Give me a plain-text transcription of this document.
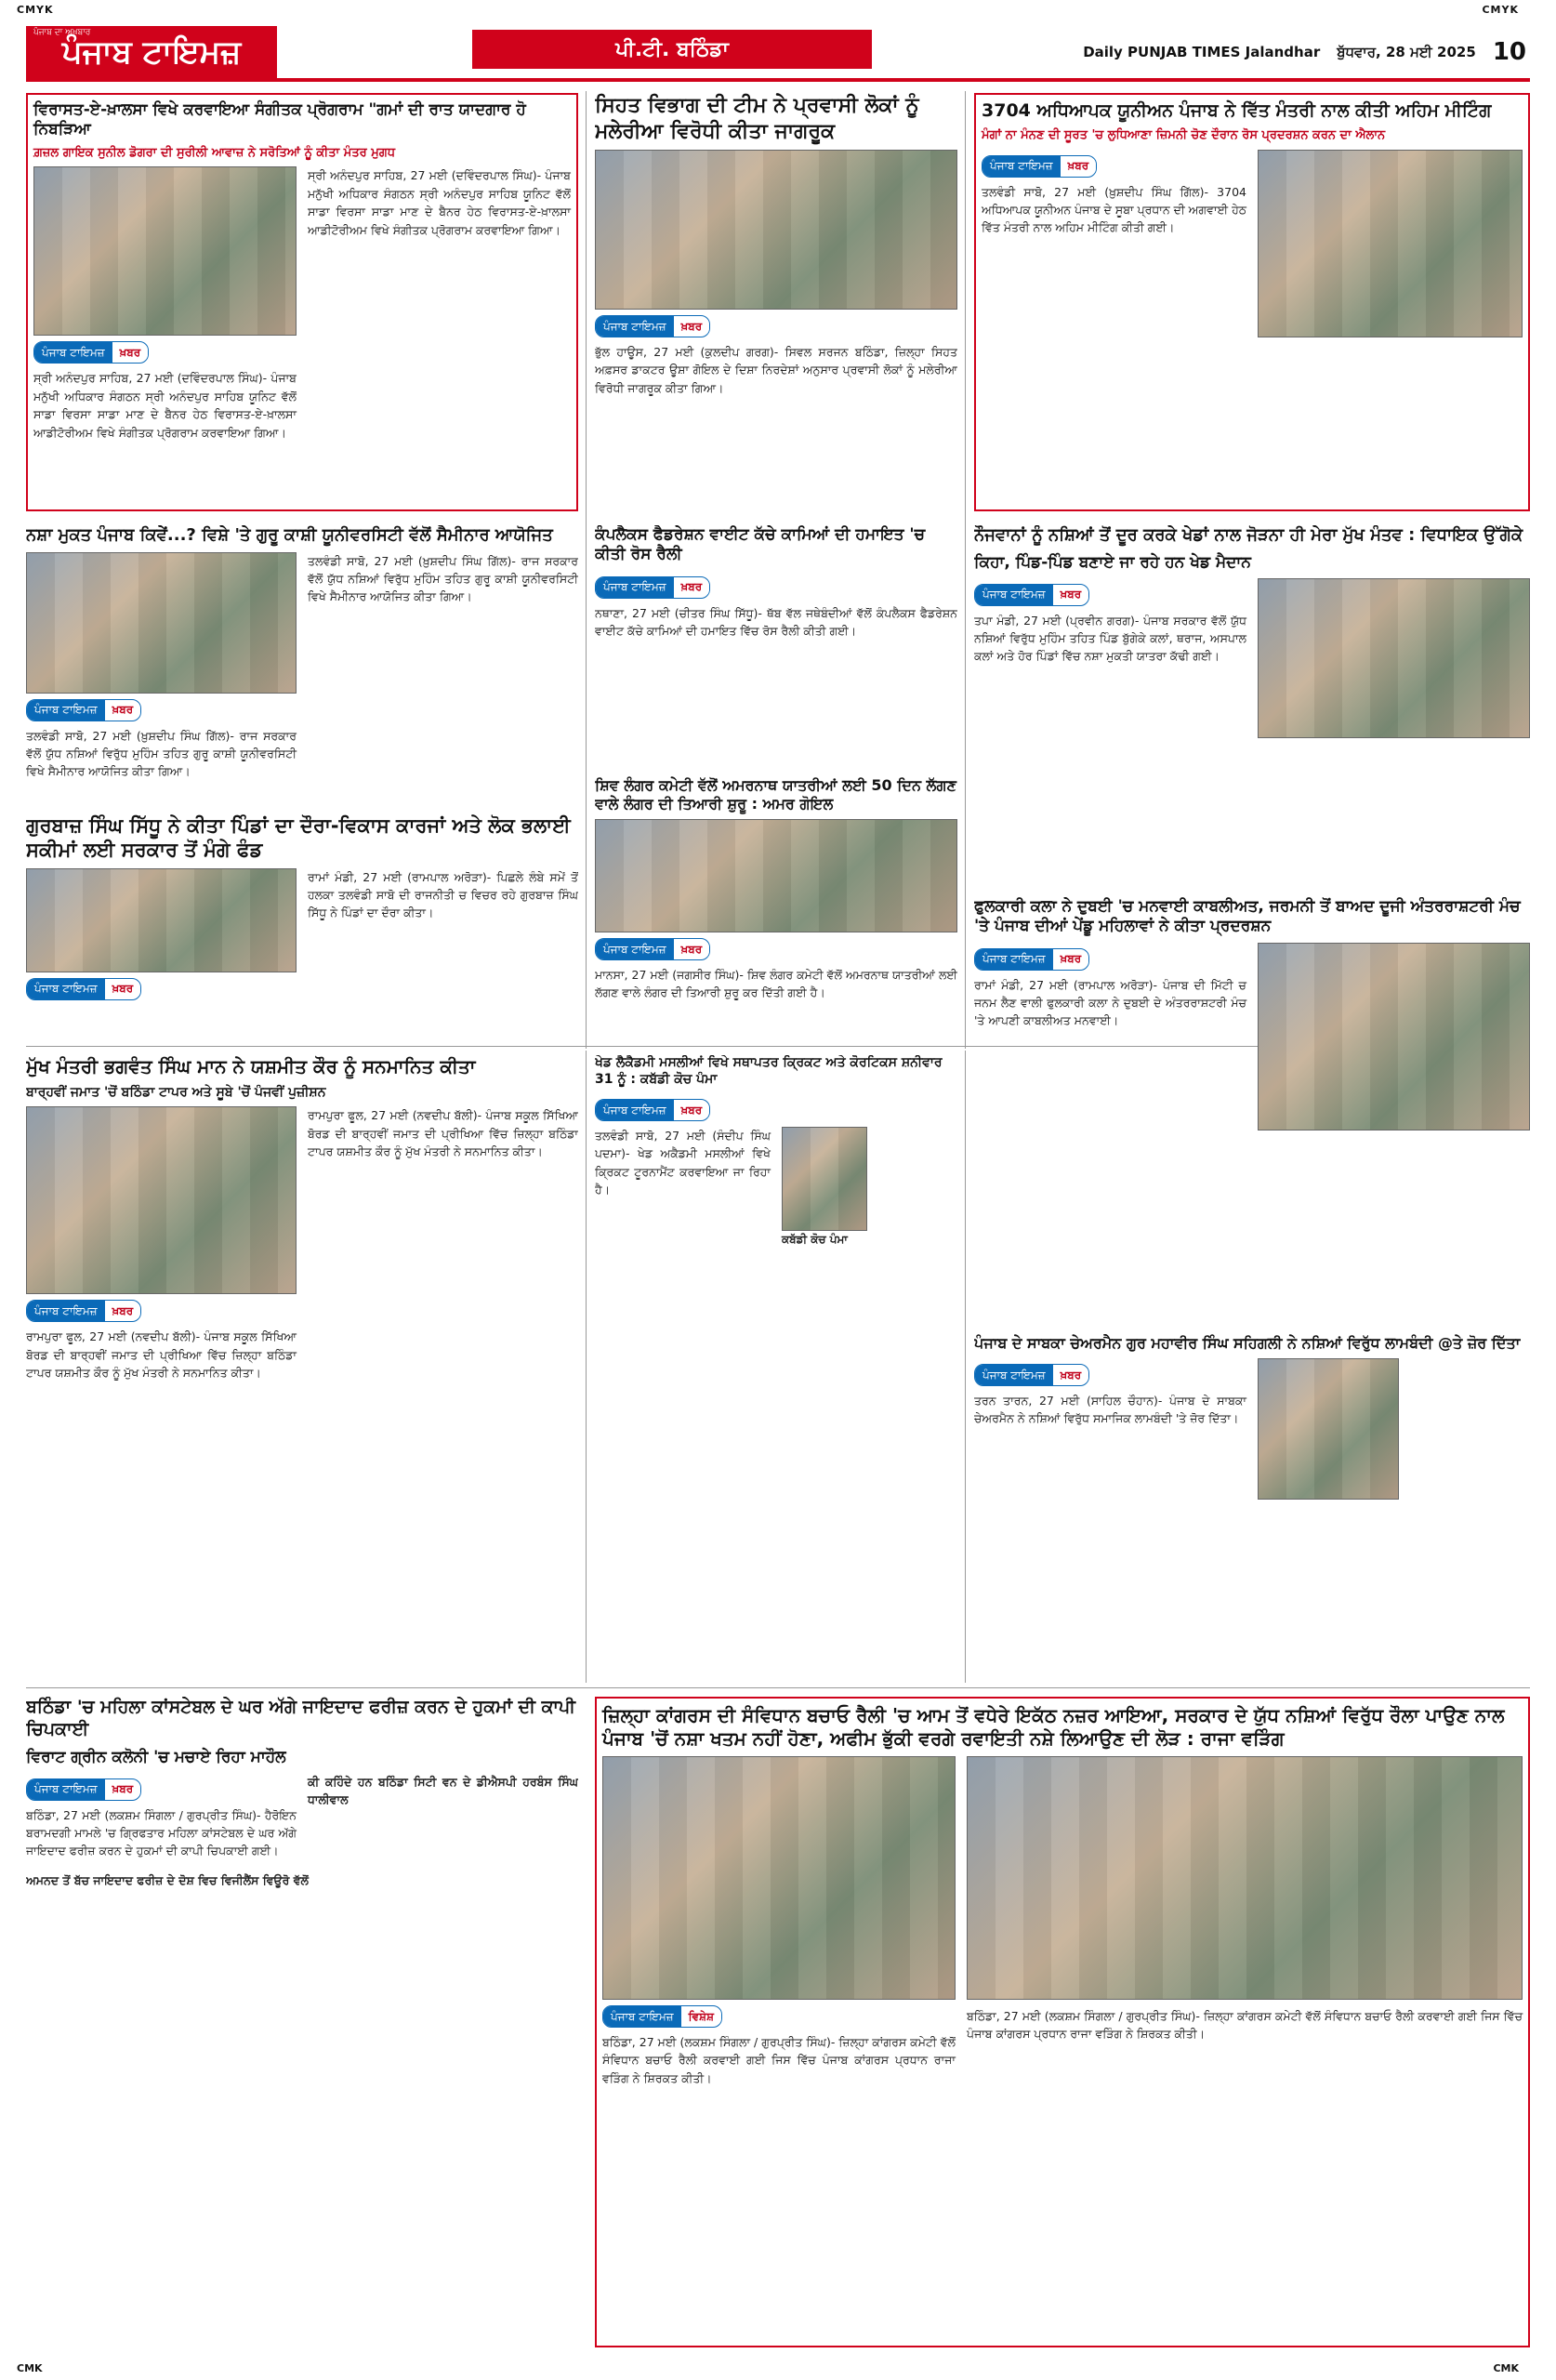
CMYK	CMYK
ਪੰਜਾਬ ਦਾ ਅਖ਼ਬਾਰ
ਪੰਜਾਬ ਟਾਇਮਜ਼	ਪੀ.ਟੀ. ਬਠਿੰਡਾ	Daily PUNJAB TIMES Jalandhar ਬੁੱਧਵਾਰ, 28 ਮਈ 2025 10
ਵਿਰਾਸਤ-ਏ-ਖ਼ਾਲਸਾ ਵਿਖੇ ਕਰਵਾਇਆ ਸੰਗੀਤਕ ਪ੍ਰੋਗਰਾਮ "ਗਮਾਂ ਦੀ ਰਾਤ ਯਾਦਗਾਰ ਹੋ ਨਿਬੜਿਆ
ਗ਼ਜ਼ਲ ਗਾਇਕ ਸੁਨੀਲ ਡੋਗਰਾ ਦੀ ਸੁਰੀਲੀ ਆਵਾਜ਼ ਨੇ ਸਰੋਤਿਆਂ ਨੂੰ ਕੀਤਾ ਮੰਤਰ ਮੁਗਧ
ਪੰਜਾਬ ਟਾਇਮਜ਼	ਖ਼ਬਰ

ਸ੍ਰੀ ਅਨੰਦਪੁਰ ਸਾਹਿਬ, 27 ਮਈ (ਦਵਿੰਦਰਪਾਲ ਸਿੰਘ)- ਪੰਜਾਬ ਮਨੁੱਖੀ ਅਧਿਕਾਰ ਸੰਗਠਨ ਸ੍ਰੀ ਅਨੰਦਪੁਰ ਸਾਹਿਬ ਯੂਨਿਟ ਵੱਲੋਂ ਸਾਡਾ ਵਿਰਸਾ ਸਾਡਾ ਮਾਣ ਦੇ ਬੈਨਰ ਹੇਠ ਵਿਰਾਸਤ-ਏ-ਖ਼ਾਲਸਾ ਆਡੀਟੋਰੀਅਮ ਵਿਖੇ ਸੰਗੀਤਕ ਪ੍ਰੋਗਰਾਮ ਕਰਵਾਇਆ ਗਿਆ।

ਸ੍ਰੀ ਅਨੰਦਪੁਰ ਸਾਹਿਬ, 27 ਮਈ (ਦਵਿੰਦਰਪਾਲ ਸਿੰਘ)- ਪੰਜਾਬ ਮਨੁੱਖੀ ਅਧਿਕਾਰ ਸੰਗਠਨ ਸ੍ਰੀ ਅਨੰਦਪੁਰ ਸਾਹਿਬ ਯੂਨਿਟ ਵੱਲੋਂ ਸਾਡਾ ਵਿਰਸਾ ਸਾਡਾ ਮਾਣ ਦੇ ਬੈਨਰ ਹੇਠ ਵਿਰਾਸਤ-ਏ-ਖ਼ਾਲਸਾ ਆਡੀਟੋਰੀਅਮ ਵਿਖੇ ਸੰਗੀਤਕ ਪ੍ਰੋਗਰਾਮ ਕਰਵਾਇਆ ਗਿਆ।

ਸਿਹਤ ਵਿਭਾਗ ਦੀ ਟੀਮ ਨੇ ਪ੍ਰਵਾਸੀ ਲੋਕਾਂ ਨੂੰ ਮਲੇਰੀਆ ਵਿਰੋਧੀ ਕੀਤਾ ਜਾਗਰੂਕ
ਪੰਜਾਬ ਟਾਇਮਜ਼	ਖ਼ਬਰ

ਭੁੱਲ ਹਾਊਸ, 27 ਮਈ (ਕੁਲਦੀਪ ਗਰਗ)- ਸਿਵਲ ਸਰਜਨ ਬਠਿੰਡਾ, ਜ਼ਿਲ੍ਹਾ ਸਿਹਤ ਅਫ਼ਸਰ ਡਾਕਟਰ ਊਸ਼ਾ ਗੋਇਲ ਦੇ ਦਿਸ਼ਾ ਨਿਰਦੇਸ਼ਾਂ ਅਨੁਸਾਰ ਪ੍ਰਵਾਸੀ ਲੋਕਾਂ ਨੂੰ ਮਲੇਰੀਆ ਵਿਰੋਧੀ ਜਾਗਰੂਕ ਕੀਤਾ ਗਿਆ।

3704 ਅਧਿਆਪਕ ਯੂਨੀਅਨ ਪੰਜਾਬ ਨੇ ਵਿੱਤ ਮੰਤਰੀ ਨਾਲ ਕੀਤੀ ਅਹਿਮ ਮੀਟਿੰਗ
ਮੰਗਾਂ ਨਾ ਮੰਨਣ ਦੀ ਸੂਰਤ 'ਚ ਲੁਧਿਆਣਾ ਜ਼ਿਮਨੀ ਚੋਣ ਦੌਰਾਨ ਰੋਸ ਪ੍ਰਦਰਸ਼ਨ ਕਰਨ ਦਾ ਐਲਾਨ
ਪੰਜਾਬ ਟਾਇਮਜ਼	ਖ਼ਬਰ

ਤਲਵੰਡੀ ਸਾਬੋ, 27 ਮਈ (ਖ਼ੁਸ਼ਦੀਪ ਸਿੰਘ ਗਿੱਲ)- 3704 ਅਧਿਆਪਕ ਯੂਨੀਅਨ ਪੰਜਾਬ ਦੇ ਸੂਬਾ ਪ੍ਰਧਾਨ ਦੀ ਅਗਵਾਈ ਹੇਠ ਵਿੱਤ ਮੰਤਰੀ ਨਾਲ ਅਹਿਮ ਮੀਟਿੰਗ ਕੀਤੀ ਗਈ।

ਨਸ਼ਾ ਮੁਕਤ ਪੰਜਾਬ ਕਿਵੇਂ...? ਵਿਸ਼ੇ 'ਤੇ ਗੁਰੂ ਕਾਸ਼ੀ ਯੂਨੀਵਰਸਿਟੀ ਵੱਲੋਂ ਸੈਮੀਨਾਰ ਆਯੋਜਿਤ
ਪੰਜਾਬ ਟਾਇਮਜ਼	ਖ਼ਬਰ

ਤਲਵੰਡੀ ਸਾਬੋ, 27 ਮਈ (ਖ਼ੁਸ਼ਦੀਪ ਸਿੰਘ ਗਿੱਲ)- ਰਾਜ ਸਰਕਾਰ ਵੱਲੋਂ ਯੁੱਧ ਨਸ਼ਿਆਂ ਵਿਰੁੱਧ ਮੁਹਿੰਮ ਤਹਿਤ ਗੁਰੂ ਕਾਸ਼ੀ ਯੂਨੀਵਰਸਿਟੀ ਵਿਖੇ ਸੈਮੀਨਾਰ ਆਯੋਜਿਤ ਕੀਤਾ ਗਿਆ।

ਤਲਵੰਡੀ ਸਾਬੋ, 27 ਮਈ (ਖ਼ੁਸ਼ਦੀਪ ਸਿੰਘ ਗਿੱਲ)- ਰਾਜ ਸਰਕਾਰ ਵੱਲੋਂ ਯੁੱਧ ਨਸ਼ਿਆਂ ਵਿਰੁੱਧ ਮੁਹਿੰਮ ਤਹਿਤ ਗੁਰੂ ਕਾਸ਼ੀ ਯੂਨੀਵਰਸਿਟੀ ਵਿਖੇ ਸੈਮੀਨਾਰ ਆਯੋਜਿਤ ਕੀਤਾ ਗਿਆ।

ਕੰਪਲੈਕਸ ਫੈਡਰੇਸ਼ਨ ਵਾਈਟ ਕੱਚੇ ਕਾਮਿਆਂ ਦੀ ਹਮਾਇਤ 'ਚ ਕੀਤੀ ਰੋਸ ਰੈਲੀ
ਪੰਜਾਬ ਟਾਇਮਜ਼	ਖ਼ਬਰ

ਨਥਾਣਾ, 27 ਮਈ (ਚੀਤਰ ਸਿੰਘ ਸਿੱਧੂ)- ਥੱਬ ਵੱਲ ਜਥੇਬੰਦੀਆਂ ਵੱਲੋਂ ਕੰਪਲੈਕਸ ਫੈਡਰੇਸ਼ਨ ਵਾਈਟ ਕੱਚੇ ਕਾਮਿਆਂ ਦੀ ਹਮਾਇਤ ਵਿੱਚ ਰੋਸ ਰੈਲੀ ਕੀਤੀ ਗਈ।

ਨੌਜਵਾਨਾਂ ਨੂੰ ਨਸ਼ਿਆਂ ਤੋਂ ਦੂਰ ਕਰਕੇ ਖੇਡਾਂ ਨਾਲ ਜੋੜਨਾ ਹੀ ਮੇਰਾ ਮੁੱਖ ਮੰਤਵ : ਵਿਧਾਇਕ ਉੱਗੋਕੇ
ਕਿਹਾ, ਪਿੰਡ-ਪਿੰਡ ਬਣਾਏ ਜਾ ਰਹੇ ਹਨ ਖੇਡ ਮੈਦਾਨ
ਪੰਜਾਬ ਟਾਇਮਜ਼	ਖ਼ਬਰ

ਤਪਾ ਮੰਡੀ, 27 ਮਈ (ਪ੍ਰਵੀਨ ਗਰਗ)- ਪੰਜਾਬ ਸਰਕਾਰ ਵੱਲੋਂ ਯੁੱਧ ਨਸ਼ਿਆਂ ਵਿਰੁੱਧ ਮੁਹਿੰਮ ਤਹਿਤ ਪਿੰਡ ਬੁੱਗੇਕੇ ਕਲਾਂ, ਥਰਾਜ, ਅਸਪਾਲ ਕਲਾਂ ਅਤੇ ਹੋਰ ਪਿੰਡਾਂ ਵਿੱਚ ਨਸ਼ਾ ਮੁਕਤੀ ਯਾਤਰਾ ਕੱਢੀ ਗਈ।

ਸ਼ਿਵ ਲੰਗਰ ਕਮੇਟੀ ਵੱਲੋਂ ਅਮਰਨਾਥ ਯਾਤਰੀਆਂ ਲਈ 50 ਦਿਨ ਲੱਗਣ ਵਾਲੇ ਲੰਗਰ ਦੀ ਤਿਆਰੀ ਸ਼ੁਰੂ : ਅਮਰ ਗੋਇਲ
ਪੰਜਾਬ ਟਾਇਮਜ਼	ਖ਼ਬਰ

ਮਾਨਸਾ, 27 ਮਈ (ਜਗਸੀਰ ਸਿੰਘ)- ਸ਼ਿਵ ਲੰਗਰ ਕਮੇਟੀ ਵੱਲੋਂ ਅਮਰਨਾਥ ਯਾਤਰੀਆਂ ਲਈ ਲੱਗਣ ਵਾਲੇ ਲੰਗਰ ਦੀ ਤਿਆਰੀ ਸ਼ੁਰੂ ਕਰ ਦਿੱਤੀ ਗਈ ਹੈ।

ਗੁਰਬਾਜ਼ ਸਿੰਘ ਸਿੱਧੂ ਨੇ ਕੀਤਾ ਪਿੰਡਾਂ ਦਾ ਦੌਰਾ-ਵਿਕਾਸ ਕਾਰਜਾਂ ਅਤੇ ਲੋਕ ਭਲਾਈ ਸਕੀਮਾਂ ਲਈ ਸਰਕਾਰ ਤੋਂ ਮੰਗੇ ਫੰਡ
ਪੰਜਾਬ ਟਾਇਮਜ਼	ਖ਼ਬਰ

ਰਾਮਾਂ ਮੰਡੀ, 27 ਮਈ (ਰਾਮਪਾਲ ਅਰੋੜਾ)- ਪਿਛਲੇ ਲੰਬੇ ਸਮੇਂ ਤੋਂ ਹਲਕਾ ਤਲਵੰਡੀ ਸਾਬੋ ਦੀ ਰਾਜਨੀਤੀ ਚ ਵਿਚਰ ਰਹੇ ਗੁਰਬਾਜ਼ ਸਿੰਘ ਸਿੱਧੂ ਨੇ ਪਿੰਡਾਂ ਦਾ ਦੌਰਾ ਕੀਤਾ।	ਫੁਲਕਾਰੀ ਕਲਾ ਨੇ ਦੁਬਈ 'ਚ ਮਨਵਾਈ ਕਾਬਲੀਅਤ, ਜਰਮਨੀ ਤੋਂ ਬਾਅਦ ਦੂਜੀ ਅੰਤਰਰਾਸ਼ਟਰੀ ਮੰਚ 'ਤੇ ਪੰਜਾਬ ਦੀਆਂ ਪੇਂਡੂ ਮਹਿਲਾਵਾਂ ਨੇ ਕੀਤਾ ਪ੍ਰਦਰਸ਼ਨ
ਪੰਜਾਬ ਟਾਇਮਜ਼	ਖ਼ਬਰ

ਰਾਮਾਂ ਮੰਡੀ, 27 ਮਈ (ਰਾਮਪਾਲ ਅਰੋੜਾ)- ਪੰਜਾਬ ਦੀ ਮਿੱਟੀ ਚ ਜਨਮ ਲੈਣ ਵਾਲੀ ਫੁਲਕਾਰੀ ਕਲਾ ਨੇ ਦੁਬਈ ਦੇ ਅੰਤਰਰਾਸ਼ਟਰੀ ਮੰਚ 'ਤੇ ਆਪਣੀ ਕਾਬਲੀਅਤ ਮਨਵਾਈ।

ਮੁੱਖ ਮੰਤਰੀ ਭਗਵੰਤ ਸਿੰਘ ਮਾਨ ਨੇ ਯਸ਼ਮੀਤ ਕੌਰ ਨੂੰ ਸਨਮਾਨਿਤ ਕੀਤਾ
ਬਾਰ੍ਹਵੀਂ ਜਮਾਤ 'ਚੋਂ ਬਠਿੰਡਾ ਟਾਪਰ ਅਤੇ ਸੂਬੇ 'ਚੋਂ ਪੰਜਵੀਂ ਪੁਜ਼ੀਸ਼ਨ
ਪੰਜਾਬ ਟਾਇਮਜ਼	ਖ਼ਬਰ

ਰਾਮਪੁਰਾ ਫੂਲ, 27 ਮਈ (ਨਵਦੀਪ ਬੱਲੀ)- ਪੰਜਾਬ ਸਕੂਲ ਸਿੱਖਿਆ ਬੋਰਡ ਦੀ ਬਾਰ੍ਹਵੀਂ ਜਮਾਤ ਦੀ ਪ੍ਰੀਖਿਆ ਵਿੱਚ ਜ਼ਿਲ੍ਹਾ ਬਠਿੰਡਾ ਟਾਪਰ ਯਸ਼ਮੀਤ ਕੌਰ ਨੂੰ ਮੁੱਖ ਮੰਤਰੀ ਨੇ ਸਨਮਾਨਿਤ ਕੀਤਾ।

ਰਾਮਪੁਰਾ ਫੂਲ, 27 ਮਈ (ਨਵਦੀਪ ਬੱਲੀ)- ਪੰਜਾਬ ਸਕੂਲ ਸਿੱਖਿਆ ਬੋਰਡ ਦੀ ਬਾਰ੍ਹਵੀਂ ਜਮਾਤ ਦੀ ਪ੍ਰੀਖਿਆ ਵਿੱਚ ਜ਼ਿਲ੍ਹਾ ਬਠਿੰਡਾ ਟਾਪਰ ਯਸ਼ਮੀਤ ਕੌਰ ਨੂੰ ਮੁੱਖ ਮੰਤਰੀ ਨੇ ਸਨਮਾਨਿਤ ਕੀਤਾ।

ਖੇਡ ਲੈਕੈਡਮੀ ਮਸਲੀਆਂ ਵਿਖੇ ਸਥਾਪਤਰ ਕ੍ਰਿਕਟ ਅਤੇ ਕੋਰਟਿਕਸ ਸ਼ਨੀਵਾਰ 31 ਨੂੰ : ਕਬੱਡੀ ਕੋਚ ਪੰਮਾ
ਪੰਜਾਬ ਟਾਇਮਜ਼	ਖ਼ਬਰ

ਤਲਵੰਡੀ ਸਾਬੋ, 27 ਮਈ (ਸੰਦੀਪ ਸਿੰਘ ਪਦਮਾ)- ਖੇਡ ਅਕੈਡਮੀ ਮਸਲੀਆਂ ਵਿਖੇ ਕ੍ਰਿਕਟ ਟੂਰਨਾਮੈਂਟ ਕਰਵਾਇਆ ਜਾ ਰਿਹਾ ਹੈ।

ਕਬੱਡੀ ਕੋਚ ਪੰਮਾ

ਪੰਜਾਬ ਦੇ ਸਾਬਕਾ ਚੇਅਰਮੈਨ ਗੁਰ ਮਹਾਵੀਰ ਸਿੰਘ ਸਹਿਗਲੀ ਨੇ ਨਸ਼ਿਆਂ ਵਿਰੁੱਧ ਲਾਮਬੰਦੀ @ਤੇ ਜ਼ੋਰ ਦਿੱਤਾ
ਪੰਜਾਬ ਟਾਇਮਜ਼	ਖ਼ਬਰ

ਤਰਨ ਤਾਰਨ, 27 ਮਈ (ਸਾਹਿਲ ਚੌਹਾਨ)- ਪੰਜਾਬ ਦੇ ਸਾਬਕਾ ਚੇਅਰਮੈਨ ਨੇ ਨਸ਼ਿਆਂ ਵਿਰੁੱਧ ਸਮਾਜਿਕ ਲਾਮਬੰਦੀ 'ਤੇ ਜ਼ੋਰ ਦਿੱਤਾ।

ਬਠਿੰਡਾ 'ਚ ਮਹਿਲਾ ਕਾਂਸਟੇਬਲ ਦੇ ਘਰ ਅੱਗੇ ਜਾਇਦਾਦ ਫਰੀਜ਼ ਕਰਨ ਦੇ ਹੁਕਮਾਂ ਦੀ ਕਾਪੀ ਚਿਪਕਾਈ
ਵਿਰਾਟ ਗ੍ਰੀਨ ਕਲੋਨੀ 'ਚ ਮਚਾਏ ਰਿਹਾ ਮਾਹੌਲ
ਪੰਜਾਬ ਟਾਇਮਜ਼	ਖ਼ਬਰ

ਬਠਿੰਡਾ, 27 ਮਈ (ਲਕਸ਼ਮ ਸਿੰਗਲਾ / ਗੁਰਪ੍ਰੀਤ ਸਿੰਘ)- ਹੈਰੋਇਨ ਬਰਾਮਦਗੀ ਮਾਮਲੇ 'ਚ ਗ੍ਰਿਫਤਾਰ ਮਹਿਲਾ ਕਾਂਸਟੇਬਲ ਦੇ ਘਰ ਅੱਗੇ ਜਾਇਦਾਦ ਫਰੀਜ਼ ਕਰਨ ਦੇ ਹੁਕਮਾਂ ਦੀ ਕਾਪੀ ਚਿਪਕਾਈ ਗਈ।

ਕੀ ਕਹਿੰਦੇ ਹਨ ਬਠਿੰਡਾ ਸਿਟੀ ਵਨ ਦੇ ਡੀਐਸਪੀ ਹਰਬੰਸ ਸਿੰਘ ਧਾਲੀਵਾਲ

ਅਮਨਦ ਤੋਂ ਬੱਚ ਜਾਇਦਾਦ ਫਰੀਜ਼ ਦੇ ਦੋਸ਼ ਵਿਚ ਵਿਜੀਲੈਂਸ ਵਿਊਰੋ ਵੱਲੋਂ

ਜ਼ਿਲ੍ਹਾ ਕਾਂਗਰਸ ਦੀ ਸੰਵਿਧਾਨ ਬਚਾਓ ਰੈਲੀ 'ਚ ਆਮ ਤੋਂ ਵਧੇਰੇ ਇਕੱਠ ਨਜ਼ਰ ਆਇਆ, ਸਰਕਾਰ ਦੇ ਯੁੱਧ ਨਸ਼ਿਆਂ ਵਿਰੁੱਧ ਰੌਲਾ ਪਾਉਣ ਨਾਲ ਪੰਜਾਬ 'ਚੋਂ ਨਸ਼ਾ ਖਤਮ ਨਹੀਂ ਹੋਣਾ, ਅਫੀਮ ਭੁੱਕੀ ਵਰਗੇ ਰਵਾਇਤੀ ਨਸ਼ੇ ਲਿਆਉਣ ਦੀ ਲੋੜ : ਰਾਜਾ ਵੜਿੰਗ
ਪੰਜਾਬ ਟਾਇਮਜ਼	ਵਿਸ਼ੇਸ਼

ਬਠਿੰਡਾ, 27 ਮਈ (ਲਕਸ਼ਮ ਸਿੰਗਲਾ / ਗੁਰਪ੍ਰੀਤ ਸਿੰਘ)- ਜ਼ਿਲ੍ਹਾ ਕਾਂਗਰਸ ਕਮੇਟੀ ਵੱਲੋਂ ਸੰਵਿਧਾਨ ਬਚਾਓ ਰੈਲੀ ਕਰਵਾਈ ਗਈ ਜਿਸ ਵਿੱਚ ਪੰਜਾਬ ਕਾਂਗਰਸ ਪ੍ਰਧਾਨ ਰਾਜਾ ਵੜਿੰਗ ਨੇ ਸ਼ਿਰਕਤ ਕੀਤੀ।

ਬਠਿੰਡਾ, 27 ਮਈ (ਲਕਸ਼ਮ ਸਿੰਗਲਾ / ਗੁਰਪ੍ਰੀਤ ਸਿੰਘ)- ਜ਼ਿਲ੍ਹਾ ਕਾਂਗਰਸ ਕਮੇਟੀ ਵੱਲੋਂ ਸੰਵਿਧਾਨ ਬਚਾਓ ਰੈਲੀ ਕਰਵਾਈ ਗਈ ਜਿਸ ਵਿੱਚ ਪੰਜਾਬ ਕਾਂਗਰਸ ਪ੍ਰਧਾਨ ਰਾਜਾ ਵੜਿੰਗ ਨੇ ਸ਼ਿਰਕਤ ਕੀਤੀ।

CMK	CMK
